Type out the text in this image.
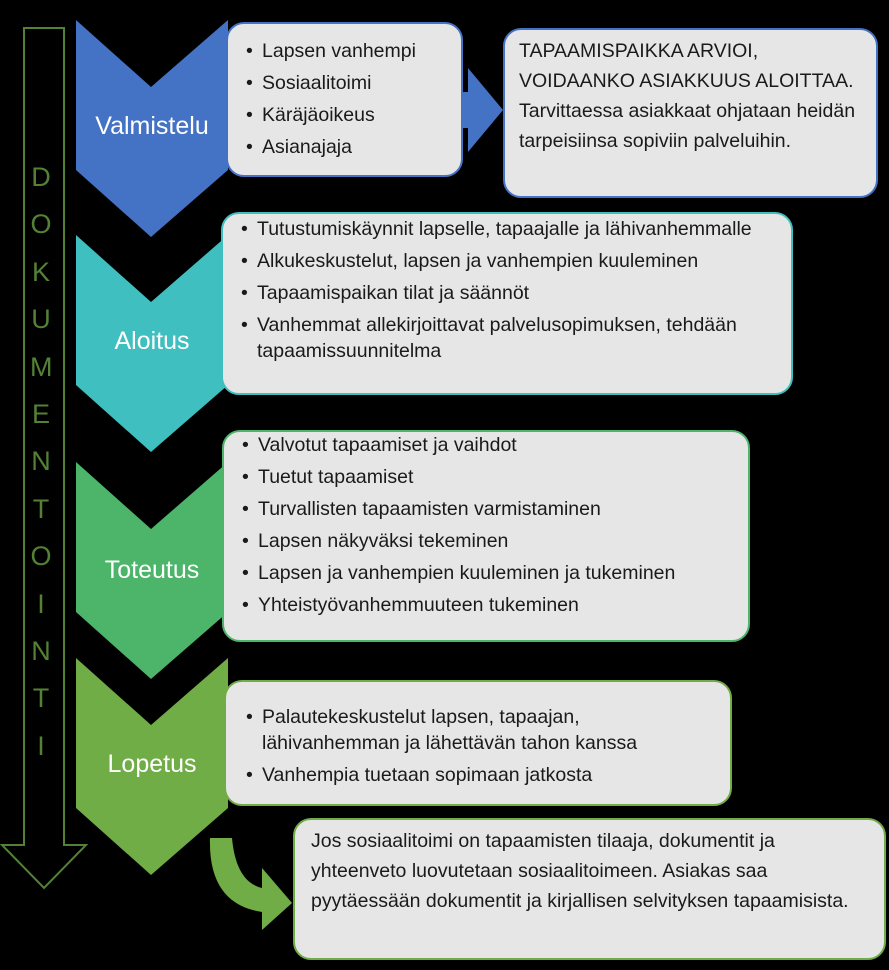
D
O
K
U
M
E
N
T
O
I
N
T
I
Valmistelu
Aloitus
Toteutus
Lopetus
• Lapsen vanhempi
• Sosiaalitoimi
• Käräjäoikeus
• Asianajaja
• Tutustumiskäynnit lapselle, tapaajalle ja lähivanhemmalle
• Alkukeskustelut, lapsen ja vanhempien kuuleminen
• Tapaamispaikan tilat ja säännöt
• Vanhemmat allekirjoittavat palvelusopimuksen, tehdään tapaamissuunnitelma
• Valvotut tapaamiset ja vaihdot
• Tuetut tapaamiset
• Turvallisten tapaamisten varmistaminen
• Lapsen näkyväksi tekeminen
• Lapsen ja vanhempien kuuleminen ja tukeminen
• Yhteistyövanhemmuuteen tukeminen
• Palautekeskustelut lapsen, tapaajan, lähivanhemman ja lähettävän tahon kanssa
• Vanhempia tuetaan sopimaan jatkosta
TAPAAMISPAIKKA ARVIOI, VOIDAANKO ASIAKKUUS ALOITTAA. Tarvittaessa asiakkaat ohjataan heidän tarpeisiinsa sopiviin palveluihin.
Jos sosiaalitoimi on tapaamisten tilaaja, dokumentit ja yhteenveto luovutetaan sosiaalitoimeen. Asiakas saa pyytäessään dokumentit ja kirjallisen selvityksen tapaamisista.
